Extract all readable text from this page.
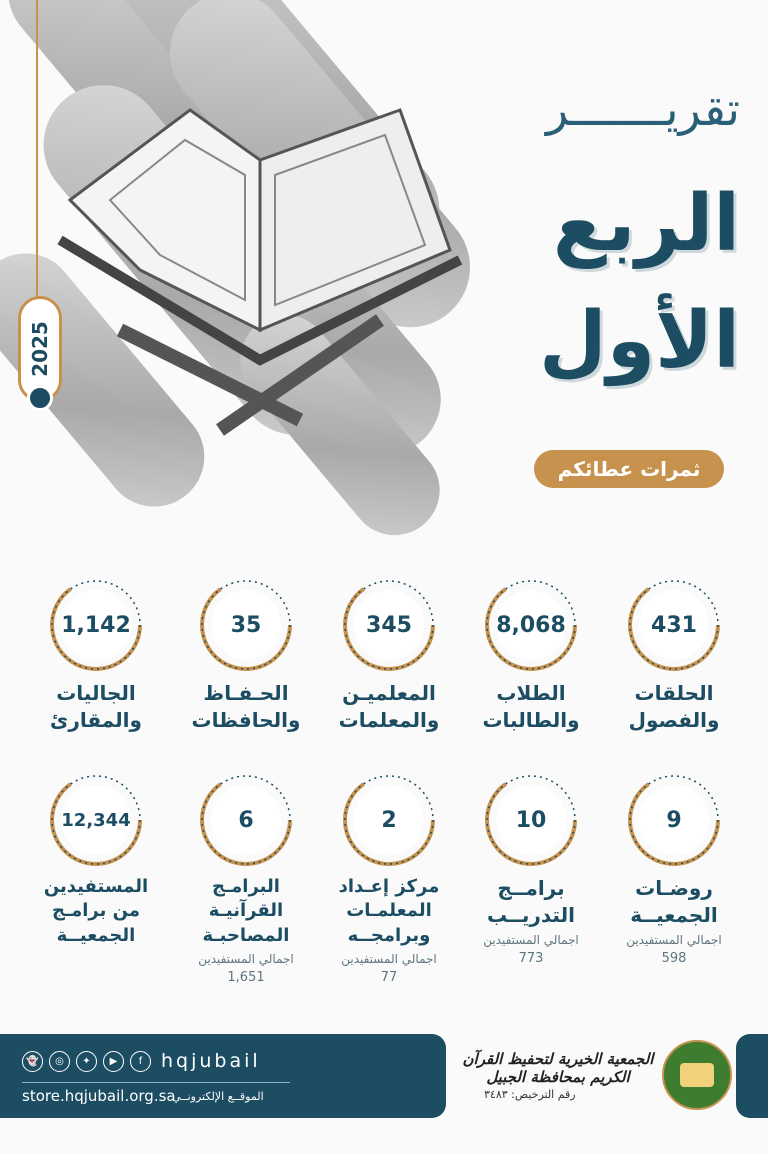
2025
تقريـــــــر
الربع
الأول
ثمرات عطائكم
431
الحلقات
والفصول
8,068
الطلاب
والطالبات
345
المعلميـن
والمعلمات
35
الحـفـاظ
والحافظات
1,142
الجاليات
والمقارئ
9
روضـات
الجمعيــة
اجمالي المستفيدين
598
10
برامــج
التدريــب
اجمالي المستفيدين
773
2
مركز إعـداد
المعلمـات
وبرامجــه
اجمالي المستفيدين
77
6
البرامـج
القرآنيـة
المصاحبـة
اجمالي المستفيدين
1,651
12,344
المستفيدين
من برامـج
الجمعيــة
👻	◎	✦	▶	f hqjubail
store.hqjubail.org.sa
الموقــع الإلكترونــي
الجمعية الخيرية لتحفيظ القرآن الكريم بمحافظة الجبيل
رقم الترخيص: ٣٤٨٣
